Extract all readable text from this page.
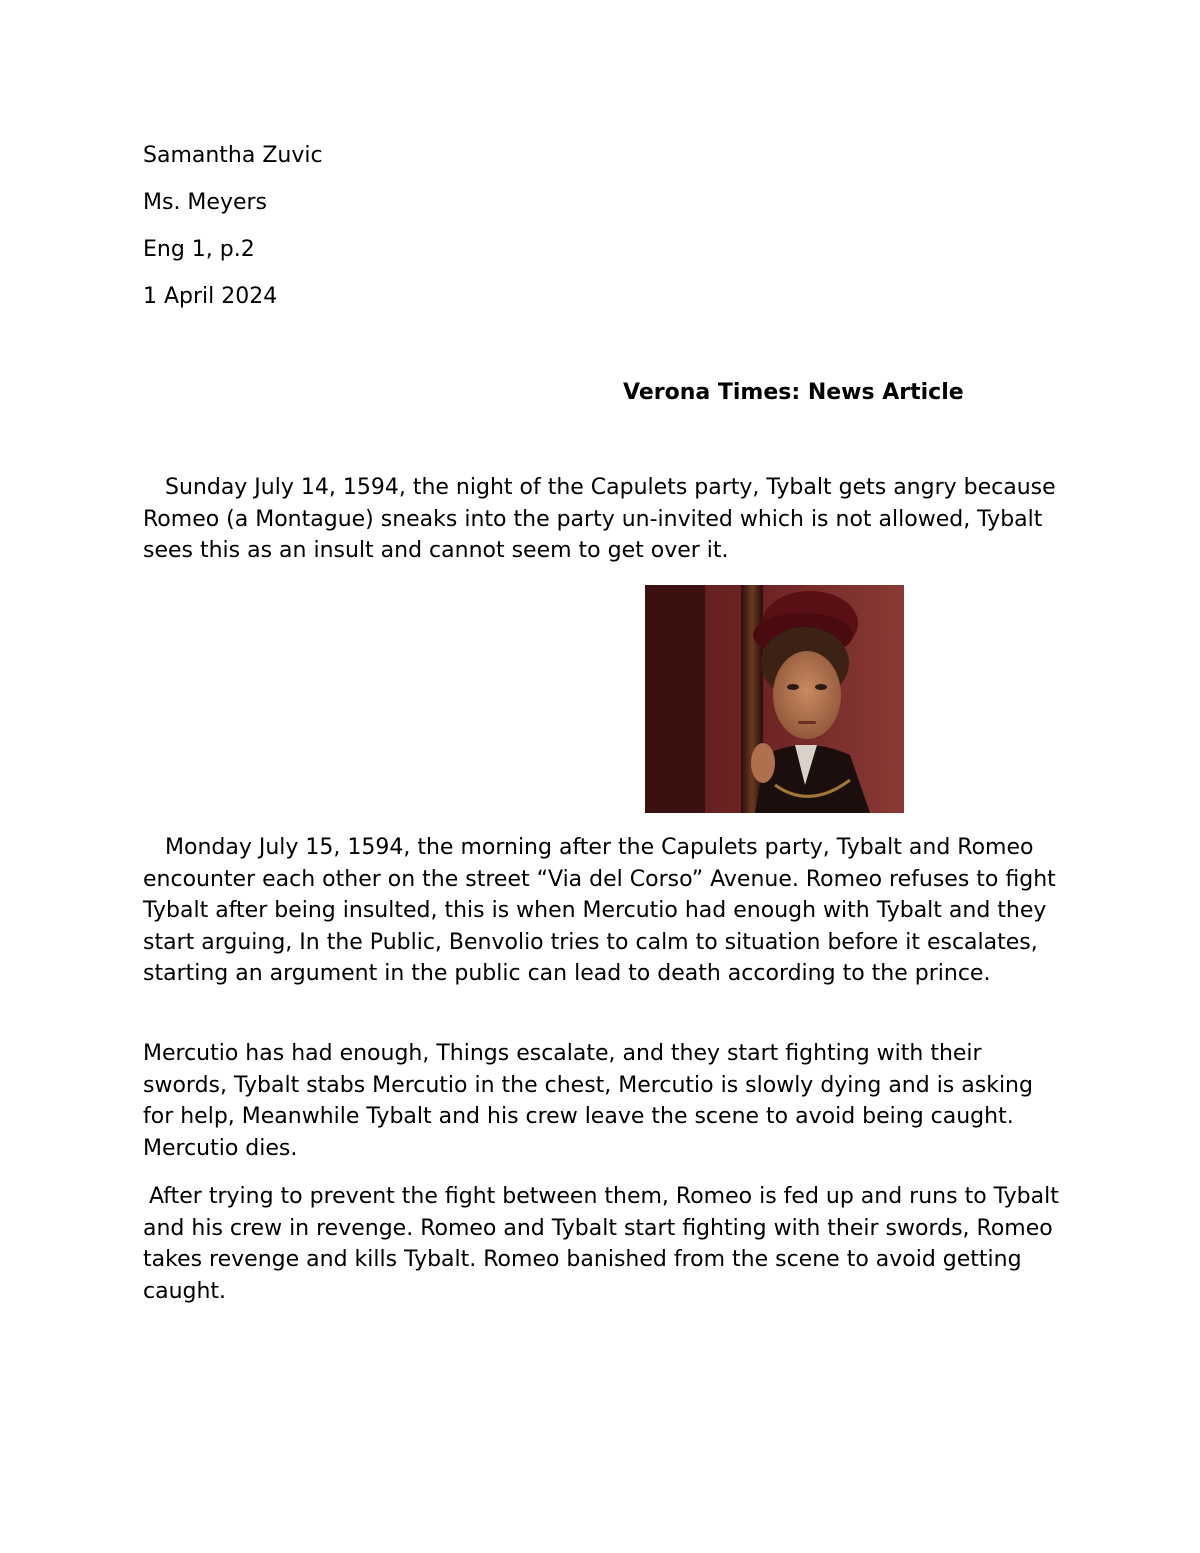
Samantha Zuvic
Ms. Meyers
Eng 1, p.2
1 April 2024
Verona Times: News Article
Sunday July 14, 1594, the night of the Capulets party, Tybalt gets angry because Romeo (a Montague) sneaks into the party un-invited which is not allowed, Tybalt sees this as an insult and cannot seem to get over it.
Monday July 15, 1594, the morning after the Capulets party, Tybalt and Romeo encounter each other on the street “Via del Corso” Avenue. Romeo refuses to fight Tybalt after being insulted, this is when Mercutio had enough with Tybalt and they start arguing, In the Public, Benvolio tries to calm to situation before it escalates, starting an argument in the public can lead to death according to the prince.
Mercutio has had enough, Things escalate, and they start fighting with their swords, Tybalt stabs Mercutio in the chest, Mercutio is slowly dying and is asking for help, Meanwhile Tybalt and his crew leave the scene to avoid being caught. Mercutio dies.
After trying to prevent the fight between them, Romeo is fed up and runs to Tybalt and his crew in revenge. Romeo and Tybalt start fighting with their swords, Romeo takes revenge and kills Tybalt. Romeo banished from the scene to avoid getting caught.
